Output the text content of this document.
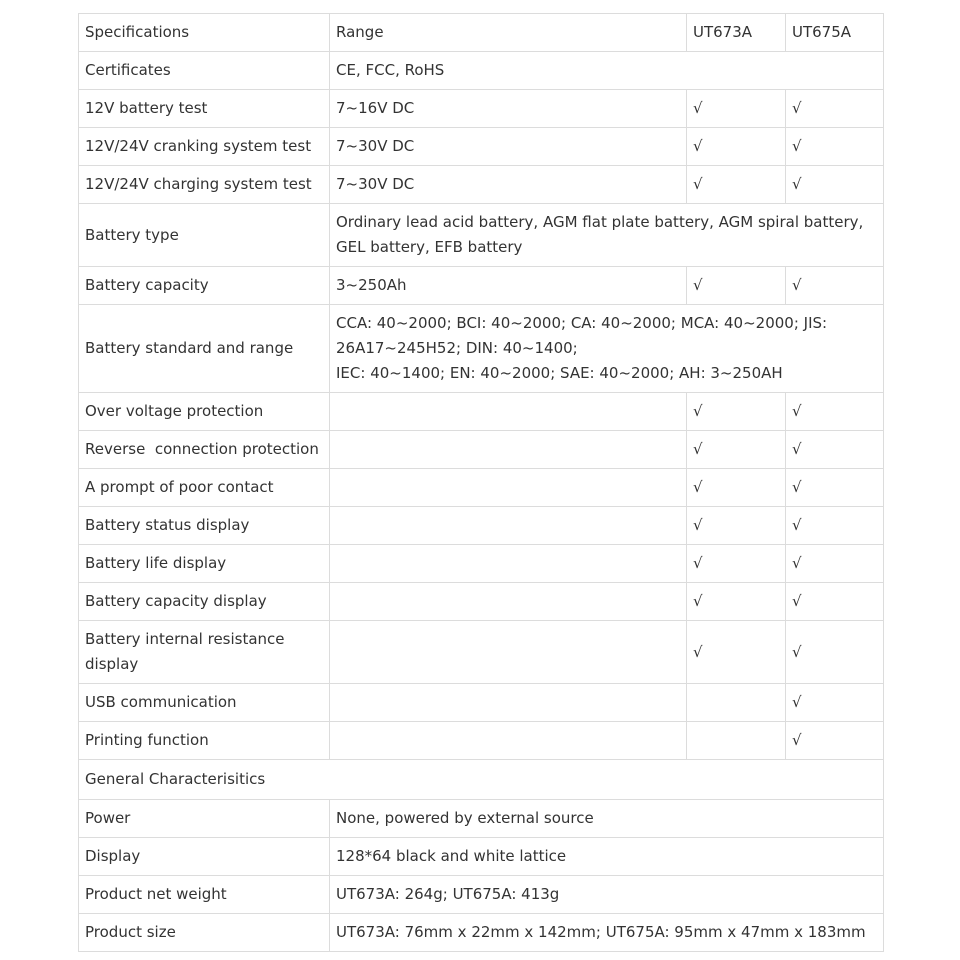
Specifications	Range	UT673A	UT675A
Certificates	CE, FCC, RoHS		
12V battery test	7~16V DC	√	√
12V/24V cranking system test	7~30V DC	√	√
12V/24V charging system test	7~30V DC	√	√
Battery type	Ordinary lead acid battery, AGM flat plate battery, AGM spiral battery, GEL battery, EFB battery		
Battery capacity	3~250Ah	√	√
Battery standard and range	CCA: 40~2000; BCI: 40~2000; CA: 40~2000; MCA: 40~2000; JIS:
26A17~245H52; DIN: 40~1400;
IEC: 40~1400; EN: 40~2000; SAE: 40~2000; AH: 3~250AH		

Over voltage protection		√	√
Reverse  connection protection		√	√
A prompt of poor contact		√	√
Battery status display		√	√
Battery life display		√	√
Battery capacity display		√	√
Battery internal resistance display		√	√
USB communication			√
Printing function			√
General Characterisitics			
Power	None, powered by external source		
Display	128*64 black and white lattice		
Product net weight	UT673A: 264g; UT675A: 413g		
Product size	UT673A: 76mm x 22mm x 142mm; UT675A: 95mm x 47mm x 183mm		
